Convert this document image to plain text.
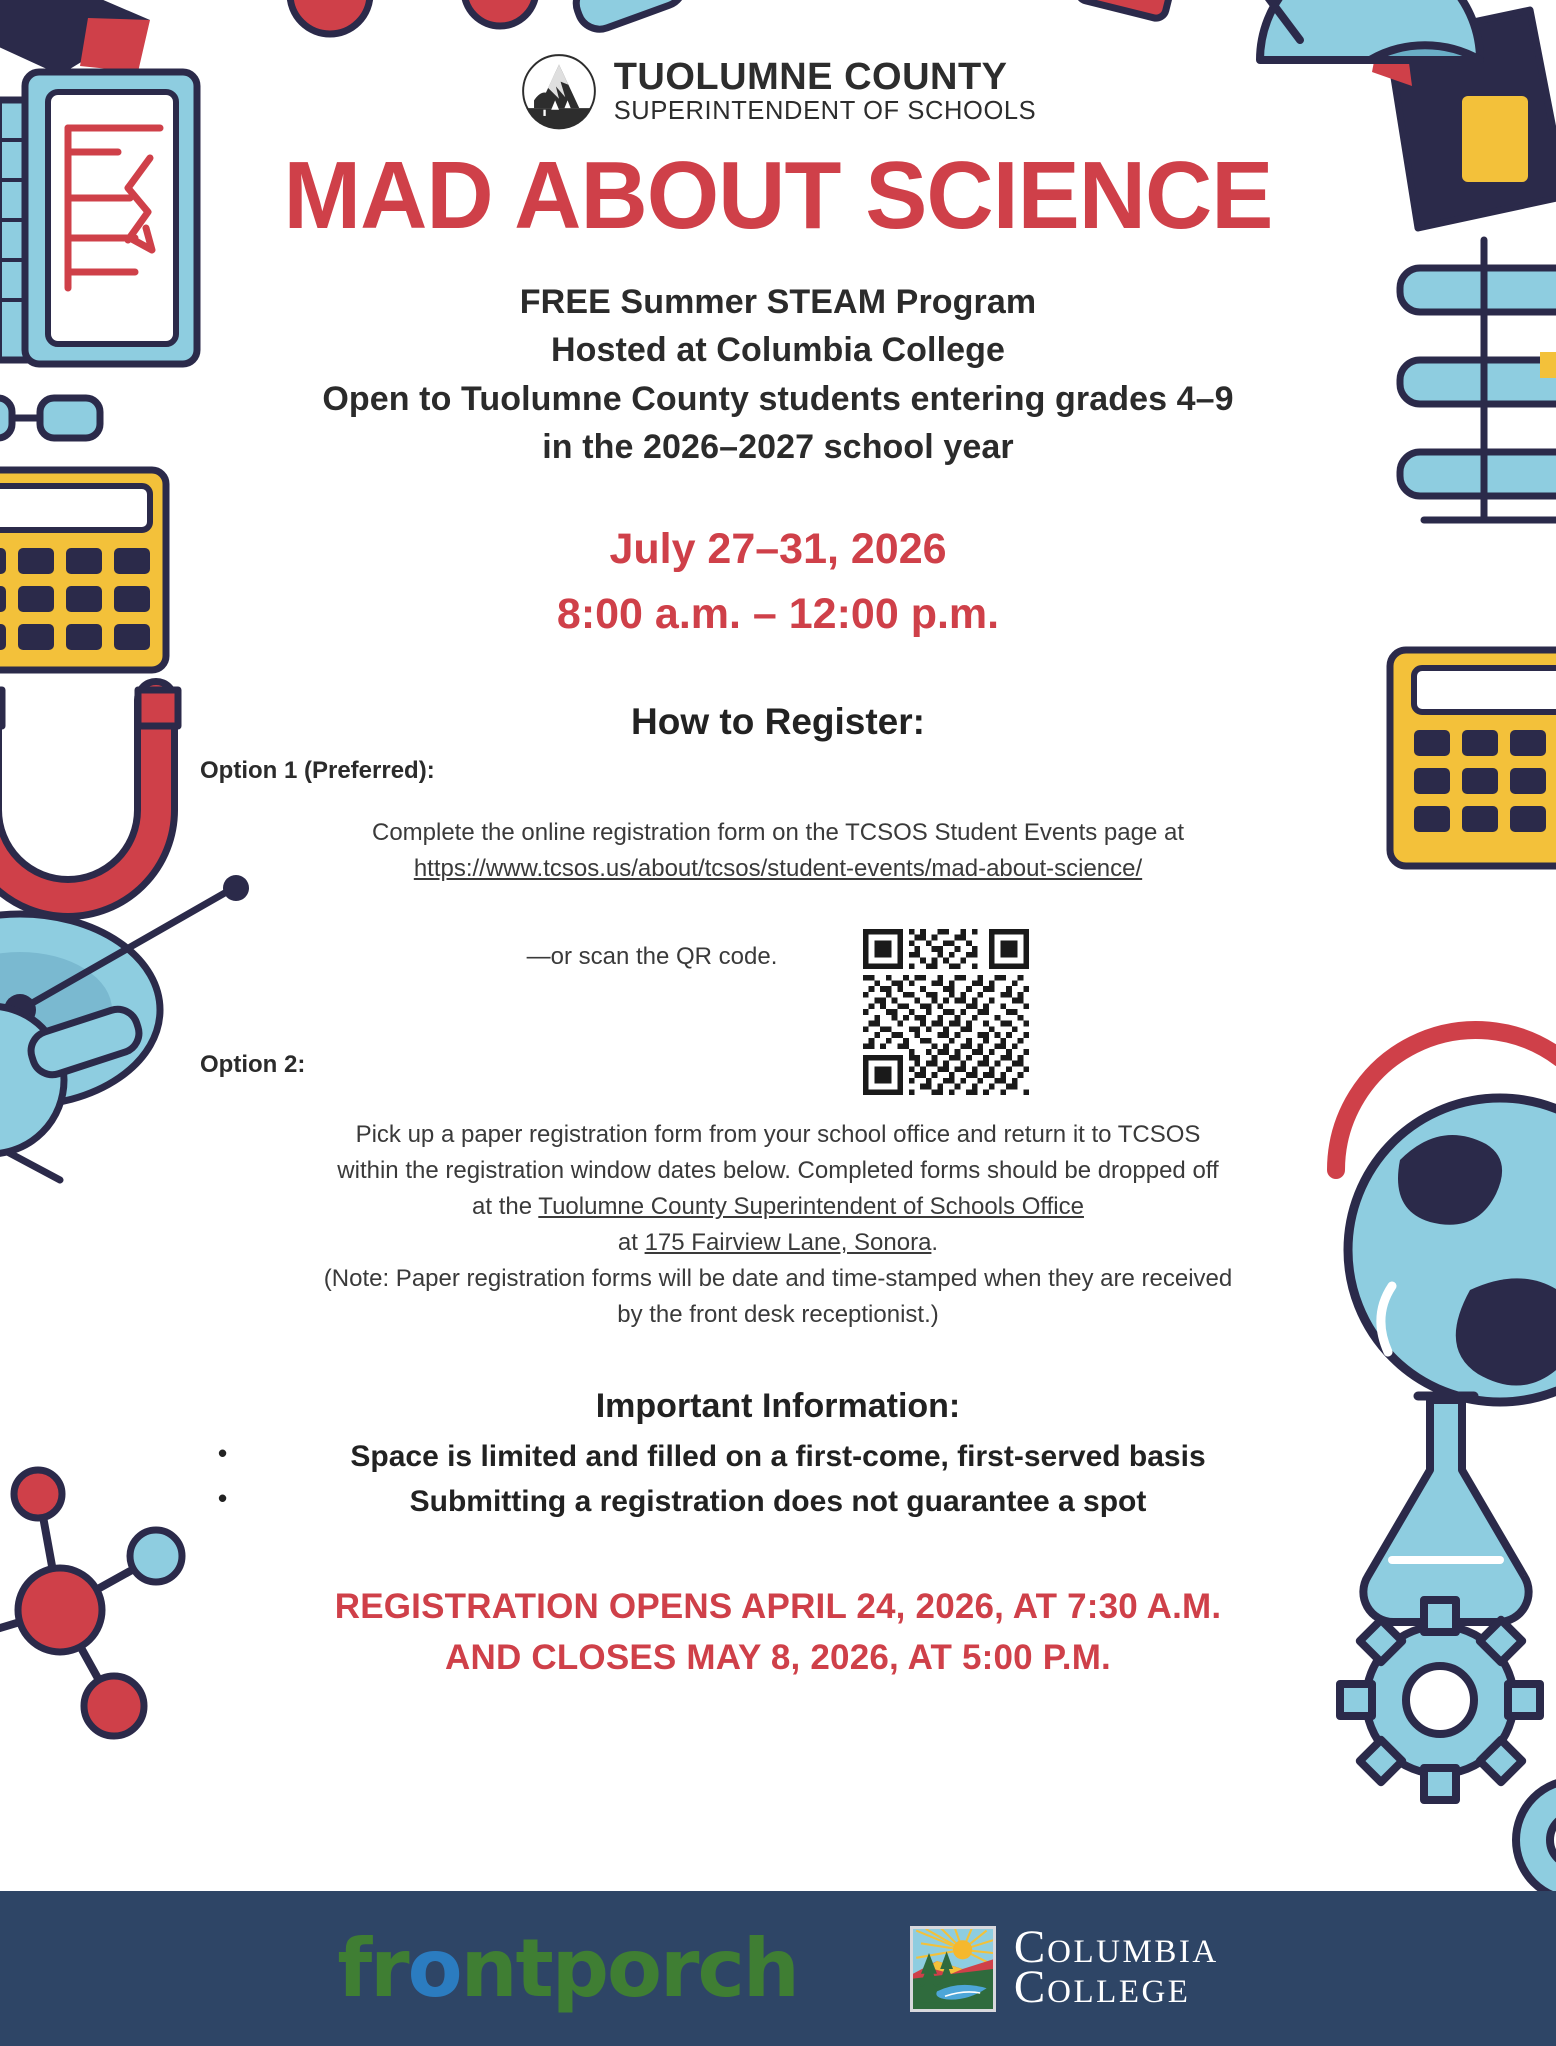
TUOLUMNE COUNTY
SUPERINTENDENT OF SCHOOLS
MAD ABOUT SCIENCE
FREE Summer STEAM Program
Hosted at Columbia College
Open to Tuolumne County students entering grades 4–9
in the 2026–2027 school year
July 27–31, 2026
8:00 a.m. – 12:00 p.m.
How to Register:
Option 1 (Preferred):
Complete the online registration form on the TCSOS Student Events page at
https://www.tcsos.us/about/tcsos/student-events/mad-about-science/
—or scan the QR code.
Option 2:
Pick up a paper registration form from your school office and return it to TCSOS
within the registration window dates below. Completed forms should be dropped off
at the Tuolumne County Superintendent of Schools Office
at 175 Fairview Lane, Sonora.
(Note: Paper registration forms will be date and time-stamped when they are received
by the front desk receptionist.)
Important Information:
• Space is limited and filled on a first-come, first-served basis
• Submitting a registration does not guarantee a spot
REGISTRATION OPENS APRIL 24, 2026, AT 7:30 A.M.
AND CLOSES MAY 8, 2026, AT 5:00 P.M.
fr o ntporch	C OLUMBIA
C OLLEGE
